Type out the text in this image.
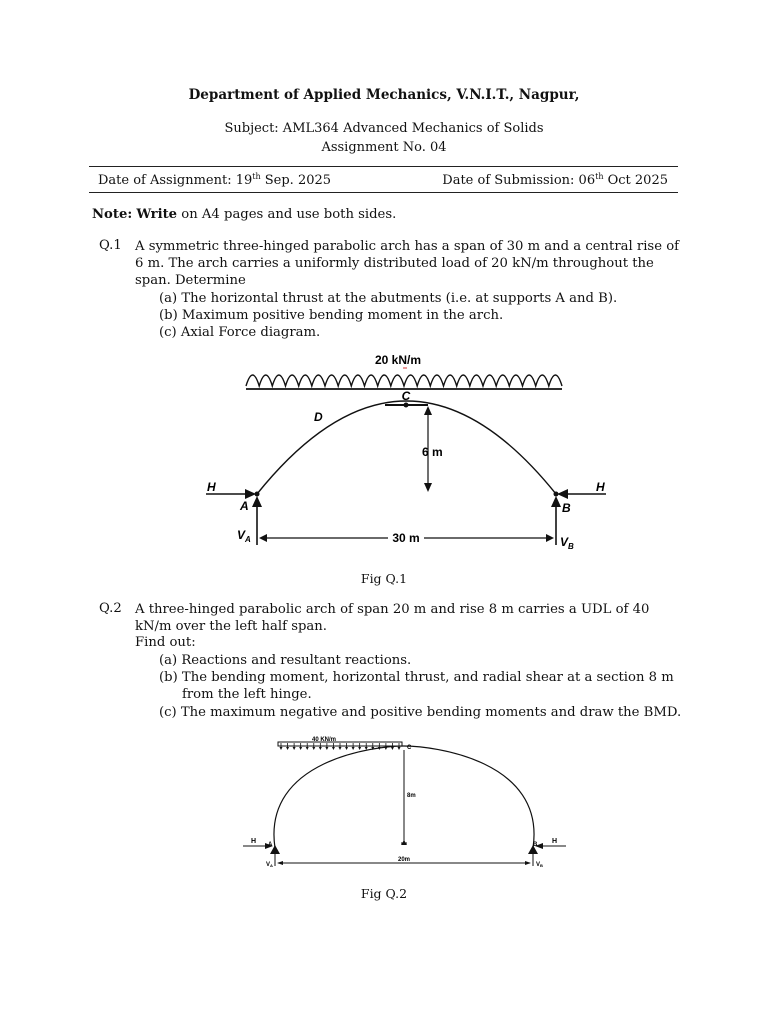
Department of Applied Mechanics, V.N.I.T., Nagpur,
Subject: AML364 Advanced Mechanics of Solids
Assignment No. 04
Date of Assignment: 19th Sep. 2025	Date of Submission: 06th Oct 2025
Note: Write on A4 pages and use both sides.
Q.1 A symmetric three-hinged parabolic arch has a span of 30 m and a central rise of
6 m. The arch carries a uniformly distributed load of 20 kN/m throughout the
span. Determine
(a) The horizontal thrust at the abutments (i.e. at supports A and B).
(b) Maximum positive bending moment in the arch.
(c) Axial Force diagram.
20 kN/m
C
D
6 m
H	H
A	B
$V_A$	$V_B$
30 m
Fig Q.1
Q.2 A three-hinged parabolic arch of span 20 m and rise 8 m carries a UDL of 40
kN/m over the left half span.
Find out:
(a) Reactions and resultant reactions.
(b) The bending moment, horizontal thrust, and radial shear at a section 8 m
from the left hinge.
(c) The maximum negative and positive bending moments and draw the BMD.
40 KN/m
C
8m
H A	H
B
VA	VB
20m
Fig Q.2
